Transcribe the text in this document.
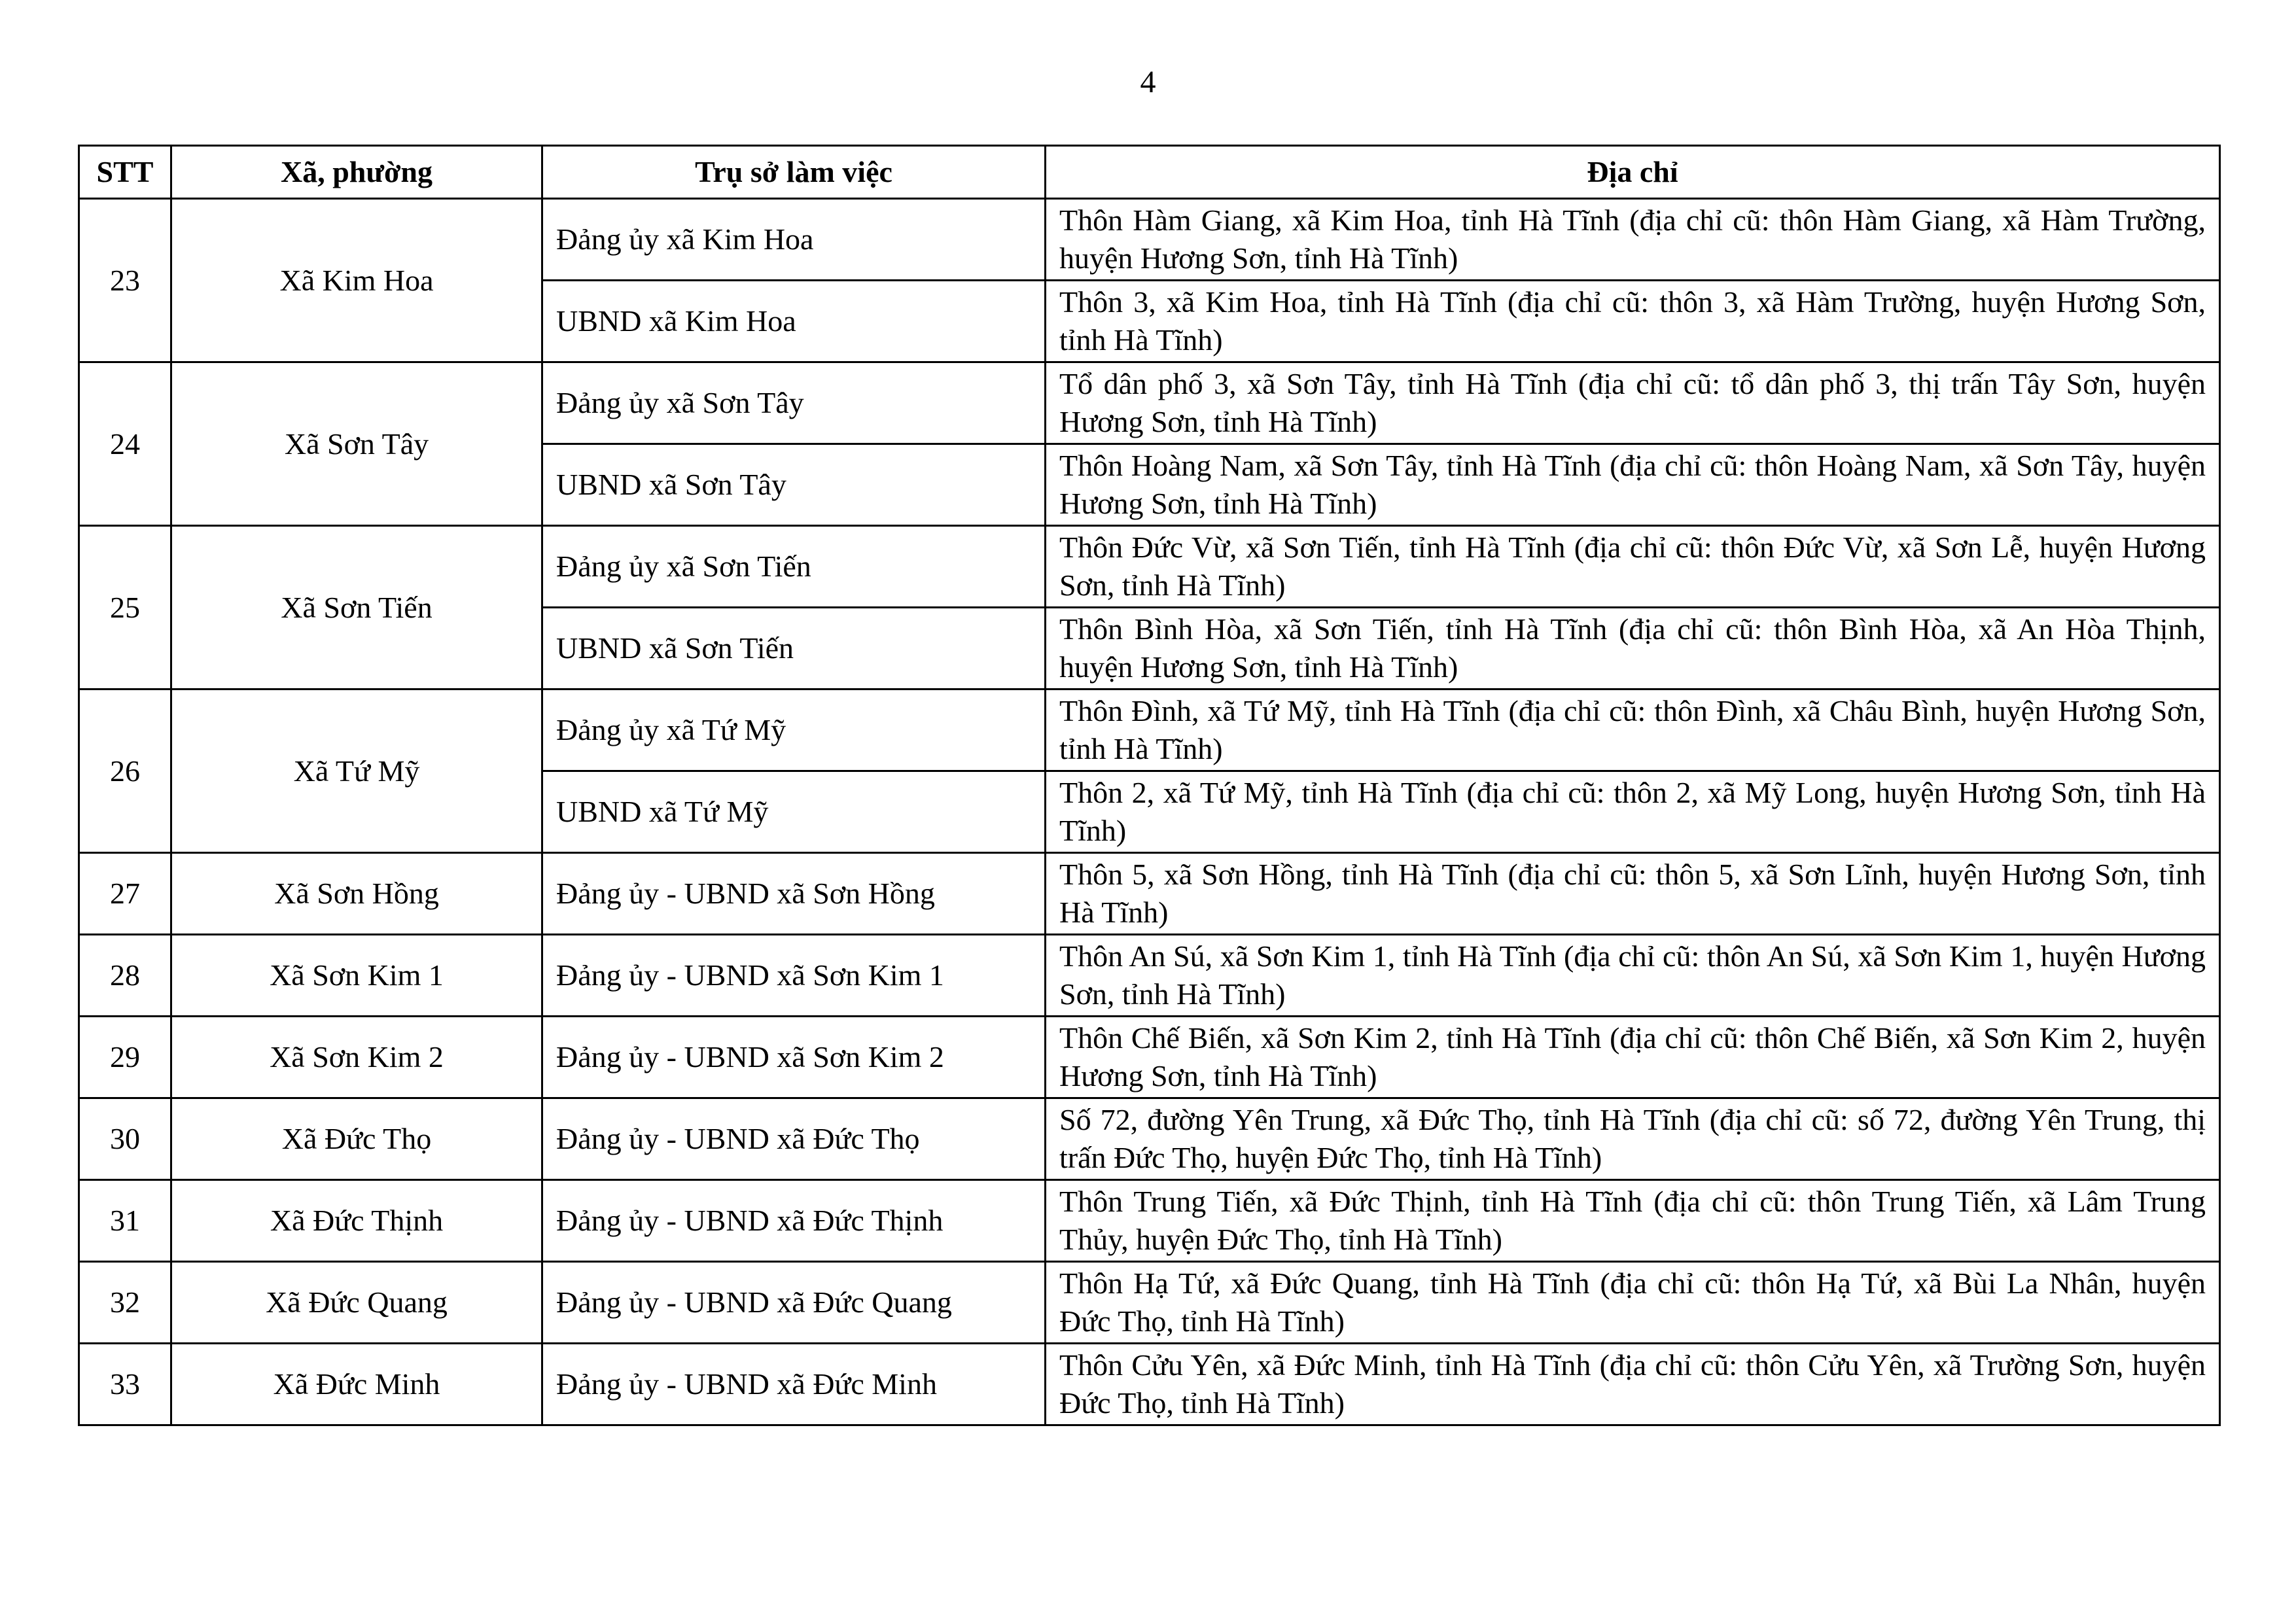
4
STT	Xã, phường	Trụ sở làm việc	Địa chỉ
23	Xã Kim Hoa	Đảng ủy xã Kim Hoa	Thôn Hàm Giang, xã Kim Hoa, tỉnh Hà Tĩnh (địa chỉ cũ: thôn Hàm Giang, xã Hàm Trường, huyện Hương Sơn, tỉnh Hà Tĩnh)
		UBND xã Kim Hoa	Thôn 3, xã Kim Hoa, tỉnh Hà Tĩnh (địa chỉ cũ: thôn 3, xã Hàm Trường, huyện Hương Sơn, tỉnh Hà Tĩnh)
24	Xã Sơn Tây	Đảng ủy xã Sơn Tây	Tổ dân phố 3, xã Sơn Tây, tỉnh Hà Tĩnh (địa chỉ cũ: tổ dân phố 3, thị trấn Tây Sơn, huyện Hương Sơn, tỉnh Hà Tĩnh)
		UBND xã Sơn Tây	Thôn Hoàng Nam, xã Sơn Tây, tỉnh Hà Tĩnh (địa chỉ cũ: thôn Hoàng Nam, xã Sơn Tây, huyện Hương Sơn, tỉnh Hà Tĩnh)
25	Xã Sơn Tiến	Đảng ủy xã Sơn Tiến	Thôn Đức Vừ, xã Sơn Tiến, tỉnh Hà Tĩnh (địa chỉ cũ: thôn Đức Vừ, xã Sơn Lễ, huyện Hương Sơn, tỉnh Hà Tĩnh)
		UBND xã Sơn Tiến	Thôn Bình Hòa, xã Sơn Tiến, tỉnh Hà Tĩnh (địa chỉ cũ: thôn Bình Hòa, xã An Hòa Thịnh, huyện Hương Sơn, tỉnh Hà Tĩnh)
26	Xã Tứ Mỹ	Đảng ủy xã Tứ Mỹ	Thôn Đình, xã Tứ Mỹ, tỉnh Hà Tĩnh (địa chỉ cũ: thôn Đình, xã Châu Bình, huyện Hương Sơn, tỉnh Hà Tĩnh)
		UBND xã Tứ Mỹ	Thôn 2, xã Tứ Mỹ, tỉnh Hà Tĩnh (địa chỉ cũ: thôn 2, xã Mỹ Long, huyện Hương Sơn, tỉnh Hà Tĩnh)
27	Xã Sơn Hồng	Đảng ủy - UBND xã Sơn Hồng	Thôn 5, xã Sơn Hồng, tỉnh Hà Tĩnh (địa chỉ cũ: thôn 5, xã Sơn Lĩnh, huyện Hương Sơn, tỉnh Hà Tĩnh)
28	Xã Sơn Kim 1	Đảng ủy - UBND xã Sơn Kim 1	Thôn An Sú, xã Sơn Kim 1, tỉnh Hà Tĩnh (địa chỉ cũ: thôn An Sú, xã Sơn Kim 1, huyện Hương Sơn, tỉnh Hà Tĩnh)
29	Xã Sơn Kim 2	Đảng ủy - UBND xã Sơn Kim 2	Thôn Chế Biến, xã Sơn Kim 2, tỉnh Hà Tĩnh (địa chỉ cũ: thôn Chế Biến, xã Sơn Kim 2, huyện Hương Sơn, tỉnh Hà Tĩnh)
30	Xã Đức Thọ	Đảng ủy - UBND xã Đức Thọ	Số 72, đường Yên Trung, xã Đức Thọ, tỉnh Hà Tĩnh (địa chỉ cũ: số 72, đường Yên Trung, thị trấn Đức Thọ, huyện Đức Thọ, tỉnh Hà Tĩnh)
31	Xã Đức Thịnh	Đảng ủy - UBND xã Đức Thịnh	Thôn Trung Tiến, xã Đức Thịnh, tỉnh Hà Tĩnh (địa chỉ cũ: thôn Trung Tiến, xã Lâm Trung Thủy, huyện Đức Thọ, tỉnh Hà Tĩnh)
32	Xã Đức Quang	Đảng ủy - UBND xã Đức Quang	Thôn Hạ Tứ, xã Đức Quang, tỉnh Hà Tĩnh (địa chỉ cũ: thôn Hạ Tứ, xã Bùi La Nhân, huyện Đức Thọ, tỉnh Hà Tĩnh)
33	Xã Đức Minh	Đảng ủy - UBND xã Đức Minh	Thôn Cửu Yên, xã Đức Minh, tỉnh Hà Tĩnh (địa chỉ cũ: thôn Cửu Yên, xã Trường Sơn, huyện Đức Thọ, tỉnh Hà Tĩnh)
